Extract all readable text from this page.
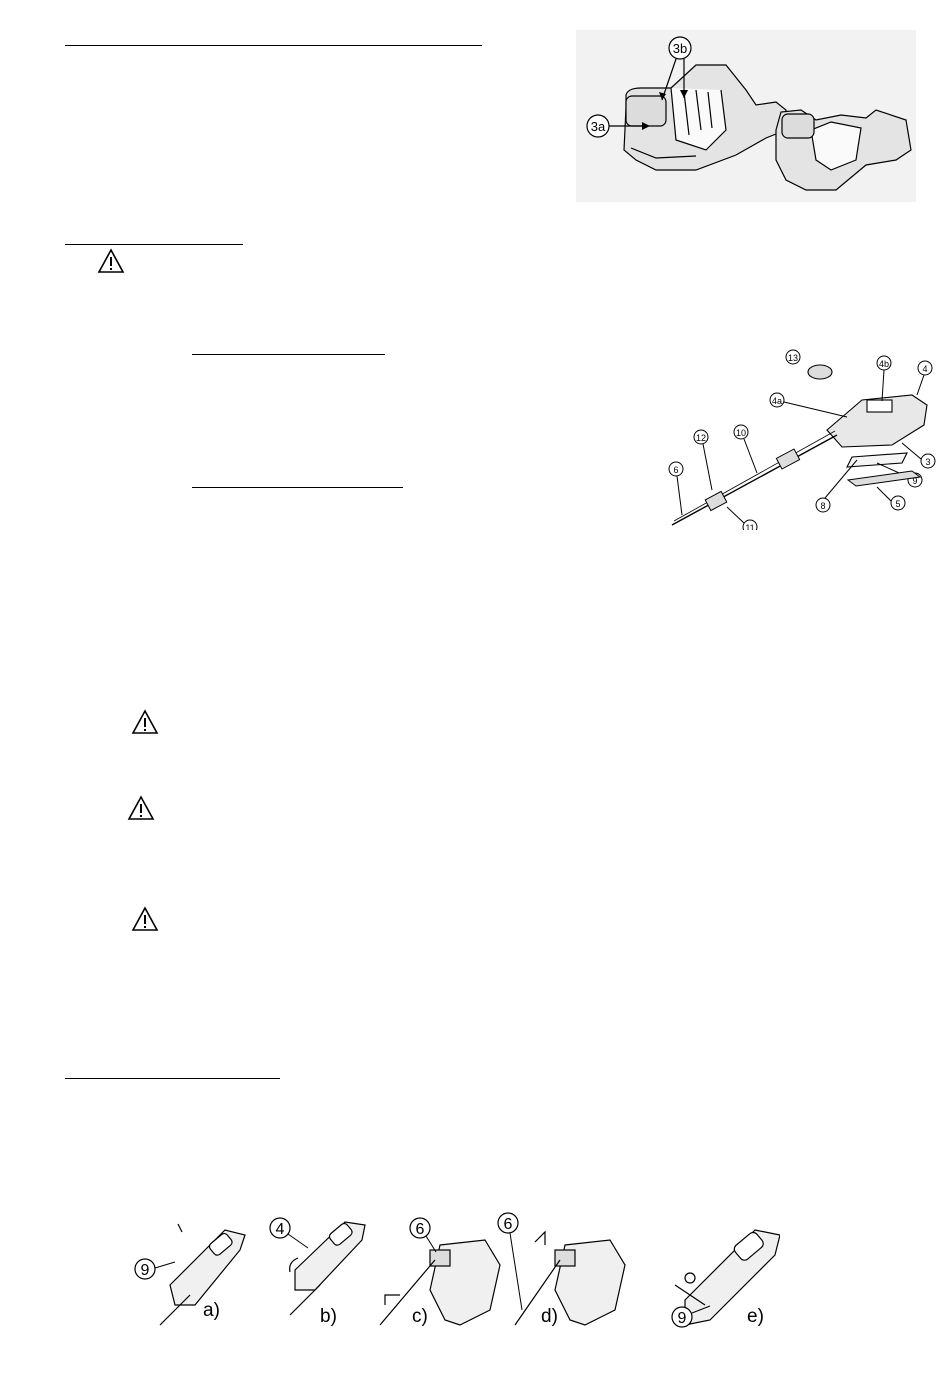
3b
3a
13
4b	4
4a
10
12
6
3
8
9
5
11
9
4	6	6
9
a)	b)	c)	d)	e)
